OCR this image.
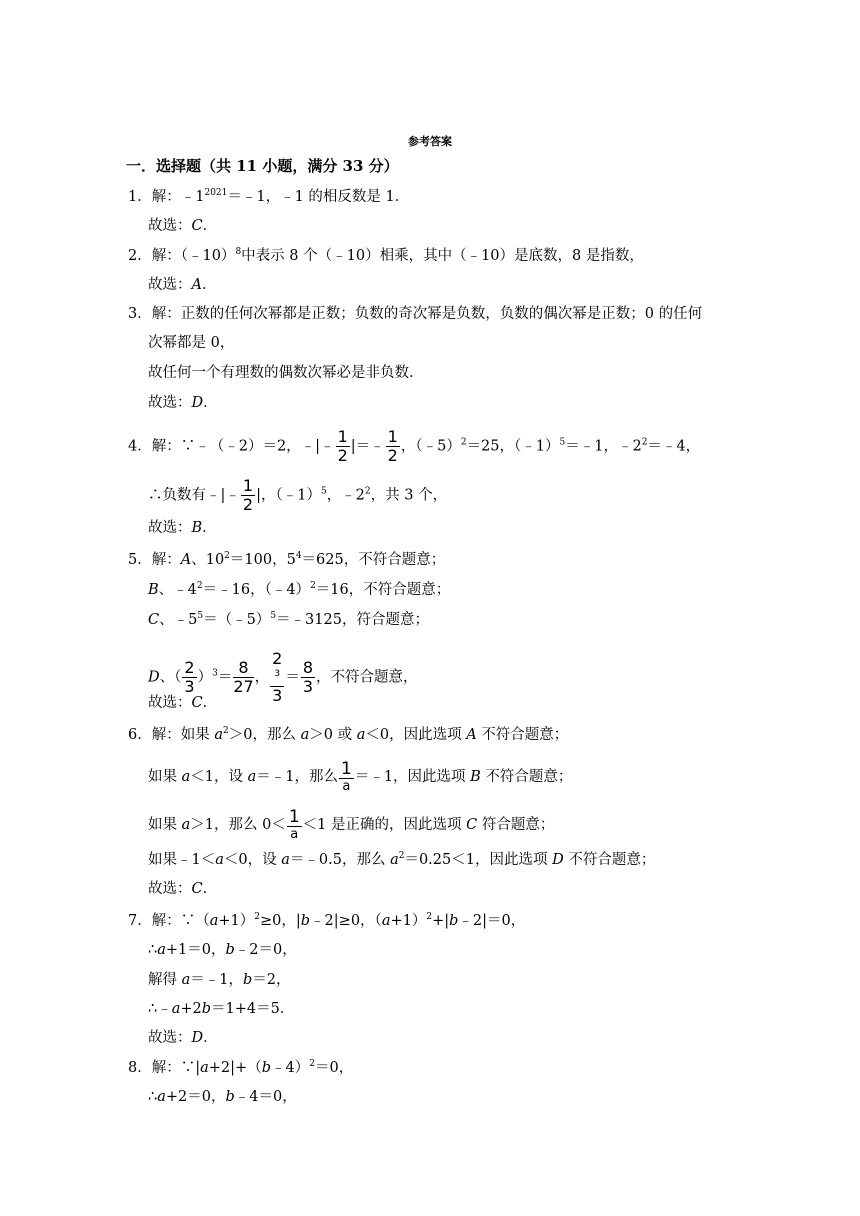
参考答案
一．选择题（共 11 小题，满分 33 分）
1．解：$﹣1^{2021}=﹣1$，﹣1 的相反数是 1．
故选：C．
2．解：（﹣10）$^8$中表示 8 个（﹣10）相乘，其中（﹣10）是底数，8 是指数，
故选：A．
3．解：正数的任何次幂都是正数；负数的奇次幂是负数，负数的偶次幂是正数；0 的任何
次幂都是 0，
故任何一个有理数的偶数次幂必是非负数．
故选：D．
4．解：∵﹣（﹣2）＝2，﹣|﹣ $\frac{1}{2}$ |＝﹣ $\frac{1}{2}$ ，（﹣5）$^2$＝25，（﹣1）$^5$＝﹣1，$﹣2^2=﹣4$，
∴负数有﹣|﹣ $\frac{1}{2}$ |，（﹣1）$^5$，$﹣2^2$，共 3 个，
故选：B．
5．解：A、$10^2=100$，$5^4=625$，不符合题意；
B、$﹣4^2=﹣16$，（﹣4）$^2$＝16，不符合题意；
C、$﹣5^5=(﹣5)^5=﹣3125$，符合题意；
D、（ $\frac{2}{3} )^3= \frac{8}{27}$ ， 2
$^3$
$3 = \frac{8}{3}$ ，不符合题意，
故选：C．
6．解：如果 $a^2>0$，那么 a＞0 或 a＜0，因此选项 A 不符合题意；
如果 a＜1，设 a＝﹣1，那么 1
a
＝﹣1，因此选项 B 不符合题意；
如果 a＞1，那么 0＜ 1
a
＜1 是正确的，因此选项 C 符合题意；
如果﹣1＜a＜0，设 a＝﹣0.5，那么 $a^2=0.25<1$，因此选项 D 不符合题意；
故选：C．
7．解：$\because(a+1)^2\ge 0$，|b﹣2|≥0，$(a+1)^2+|b﹣2|=0$，
∴a+1＝0，b﹣2＝0，
解得 a＝﹣1，b＝2，
∴﹣a+2b＝1+4＝5．
故选：D．
8．解：∵|a+2|+（b﹣4）$^2$＝0，
∴a+2＝0，b﹣4＝0，
